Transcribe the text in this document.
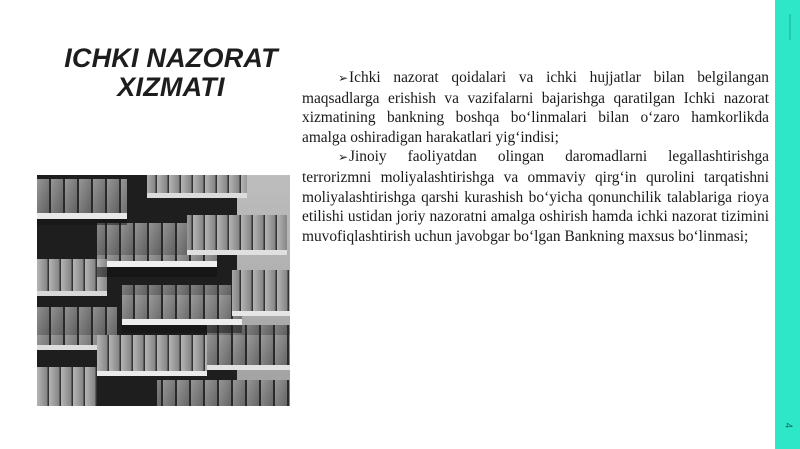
4
ICHKI NAZORAT
XIZMATI	➢Ichki nazorat qoidalari va ichki hujjatlar bilan belgilangan maqsadlarga erishish va vazifalarni bajarishga qaratilgan Ichki nazorat xizmatining bankning boshqa bo‘linmalari bilan o‘zaro hamkorlikda amalga oshiradigan harakatlari yig‘indisi;

➢Jinoiy faoliyatdan olingan daromadlarni legallashtirishga terrorizmni moliyalashtirishga va ommaviy qirg‘in qurolini tarqatishni moliyalashtirishga qarshi kurashish bo‘yicha qonunchilik talablariga rioya etilishi ustidan joriy nazoratni amalga oshirish hamda ichki nazorat tizimini muvofiqlashtirish uchun javobgar bo‘lgan Bankning maxsus bo‘linmasi;
